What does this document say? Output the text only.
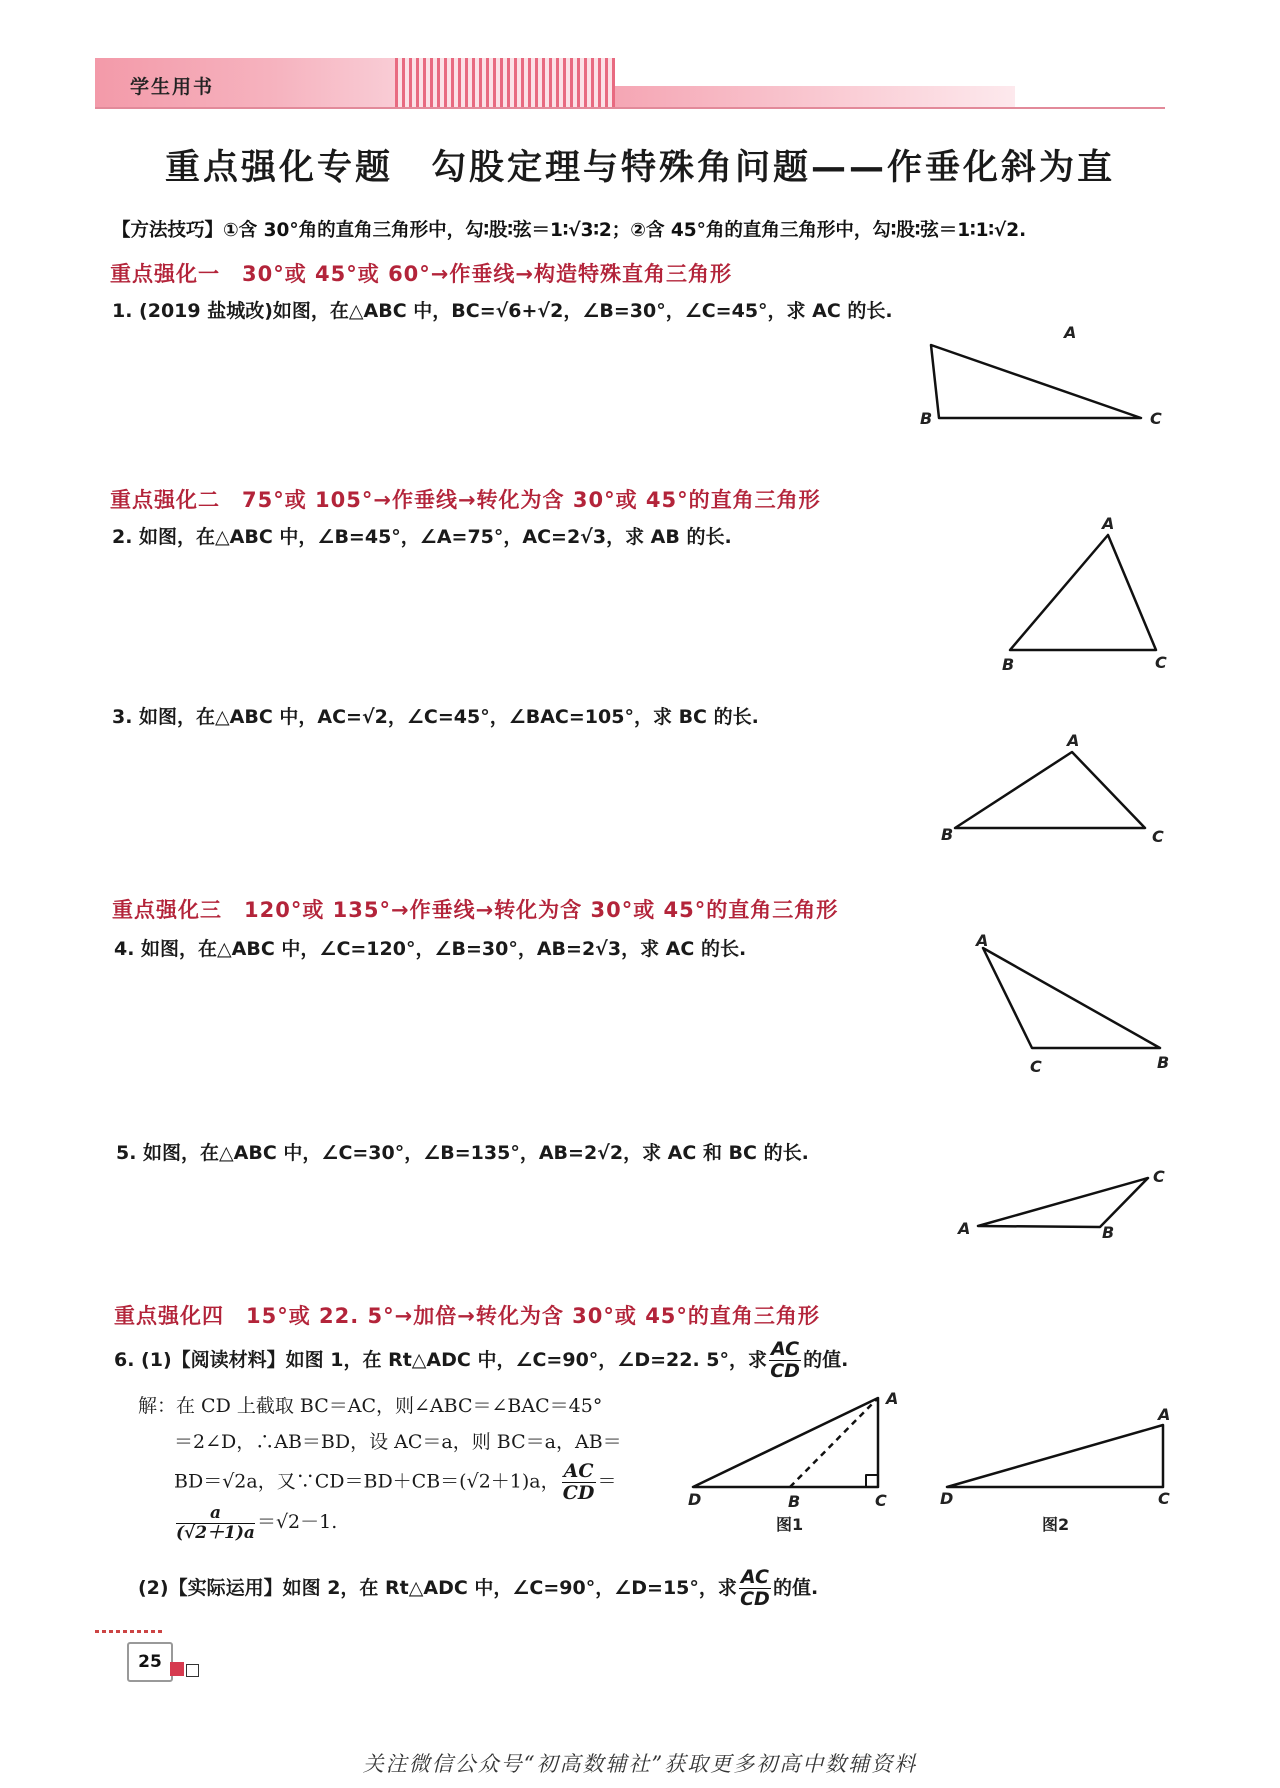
学生用书
重点强化专题　勾股定理与特殊角问题——作垂化斜为直
【方法技巧】①含 30°角的直角三角形中，勾∶股∶弦＝1∶√3∶2；②含 45°角的直角三角形中，勾∶股∶弦＝1∶1∶√2.
重点强化一　30°或 45°或 60°→作垂线→构造特殊直角三角形
1. (2019 盐城改)如图，在△ABC 中，BC=√6+√2，∠B=30°，∠C=45°，求 AC 的长.
重点强化二　75°或 105°→作垂线→转化为含 30°或 45°的直角三角形
2. 如图，在△ABC 中，∠B=45°，∠A=75°，AC=2√3，求 AB 的长.
3. 如图，在△ABC 中，AC=√2，∠C=45°，∠BAC=105°，求 BC 的长.
重点强化三　120°或 135°→作垂线→转化为含 30°或 45°的直角三角形
4. 如图，在△ABC 中，∠C=120°，∠B=30°，AB=2√3，求 AC 的长.
5. 如图，在△ABC 中，∠C=30°，∠B=135°，AB=2√2，求 AC 和 BC 的长.
重点强化四　15°或 22. 5°→加倍→转化为含 30°或 45°的直角三角形
6. (1)【阅读材料】如图 1，在 Rt△ADC 中，∠C=90°，∠D=22. 5°，求 $\frac{AC}{CD}$ 的值.
解：在 CD 上截取 BC＝AC，则∠ABC＝∠BAC＝45°
＝2∠D，∴AB＝BD，设 AC＝a，则 BC＝a，AB＝
BD＝√2a，又∵CD＝BD＋CB＝(√2＋1)a， $\frac{AC}{CD}$ ＝
$\frac{a}{(√2+1)a} =√2-1$.
(2)【实际运用】如图 2，在 Rt△ADC 中，∠C=90°，∠D=15°，求 $\frac{AC}{CD}$ 的值.
A
B	C
A
B	C
A
B	C
A
C	B
A	B
C
A
D	B	C
A
D	C
图1	图2
25
关注微信公众号“初高数辅社”获取更多初高中数辅资料
